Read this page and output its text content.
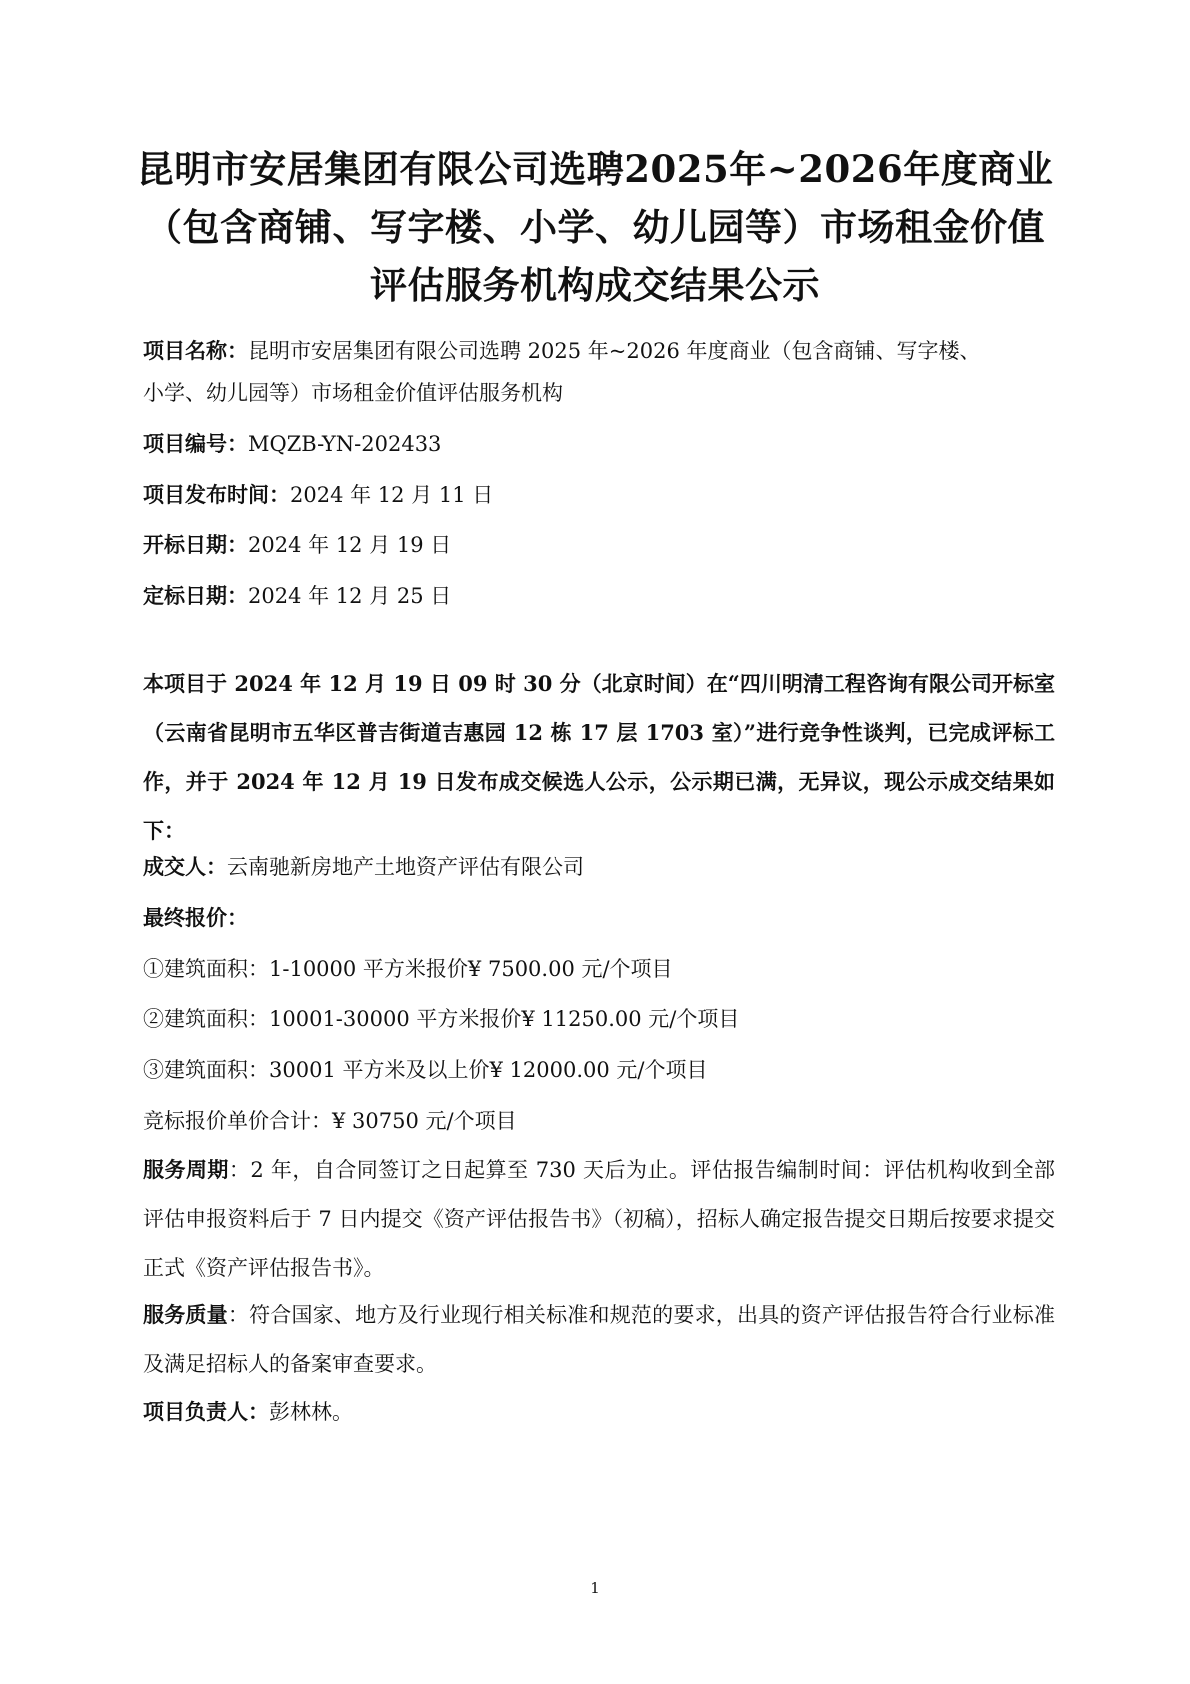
昆明市安居集团有限公司选聘2025年~2026年度商业（包含商铺、写字楼、小学、幼儿园等）市场租金价值评估服务机构成交结果公示
项目名称：昆明市安居集团有限公司选聘 2025 年~2026 年度商业（包含商铺、写字楼、
小学、幼儿园等）市场租金价值评估服务机构
项目编号：MQZB-YN-202433
项目发布时间：2024 年 12 月 11 日
开标日期：2024 年 12 月 19 日
定标日期：2024 年 12 月 25 日
本项目于 2024 年 12 月 19 日 09 时 30 分（北京时间）在“四川明清工程咨询有限公司开标室（云南省昆明市五华区普吉街道吉惠园 12 栋 17 层 1703 室）”进行竞争性谈判，已完成评标工作，并于 2024 年 12 月 19 日发布成交候选人公示，公示期已满，无异议，现公示成交结果如下：
成交人：云南驰新房地产土地资产评估有限公司
最终报价：
①建筑面积：1-10000 平方米报价¥ 7500.00 元/个项目
②建筑面积：10001-30000 平方米报价¥ 11250.00 元/个项目
③建筑面积：30001 平方米及以上价¥ 12000.00 元/个项目
竞标报价单价合计：¥ 30750 元/个项目
服务周期：2 年，自合同签订之日起算至 730 天后为止。评估报告编制时间：评估机构收到全部评估申报资料后于 7 日内提交《资产评估报告书》（初稿），招标人确定报告提交日期后按要求提交正式《资产评估报告书》。
服务质量：符合国家、地方及行业现行相关标准和规范的要求，出具的资产评估报告符合行业标准及满足招标人的备案审查要求。
项目负责人：彭林林。
1
